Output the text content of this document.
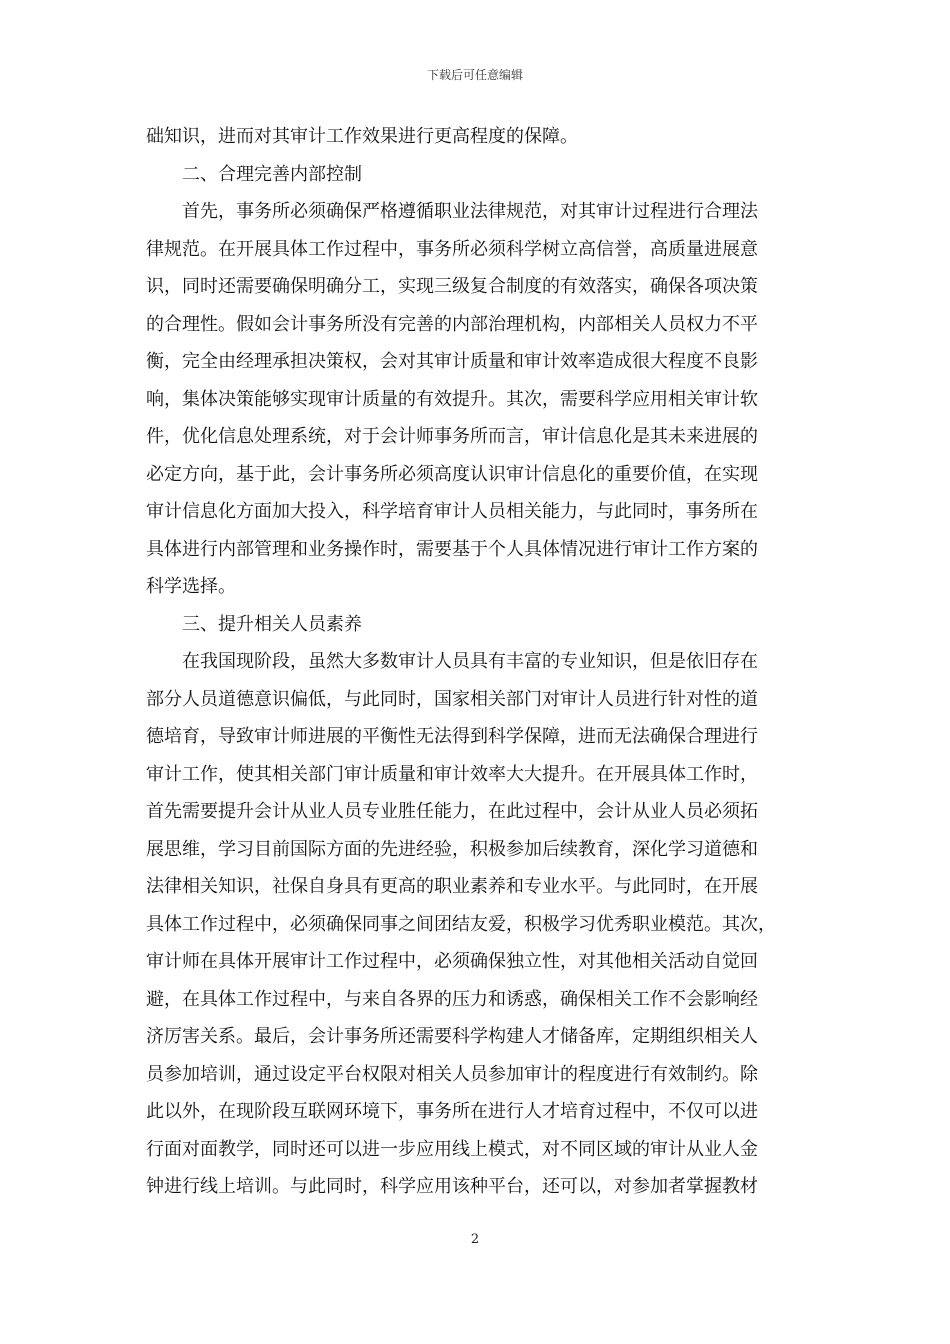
下载后可任意编辑
础知识，进而对其审计工作效果进行更高程度的保障。
二、合理完善内部控制
首先，事务所必须确保严格遵循职业法律规范，对其审计过程进行合理法
律规范。在开展具体工作过程中，事务所必须科学树立高信誉，高质量进展意
识，同时还需要确保明确分工，实现三级复合制度的有效落实，确保各项决策
的合理性。假如会计事务所没有完善的内部治理机构，内部相关人员权力不平
衡，完全由经理承担决策权，会对其审计质量和审计效率造成很大程度不良影
响，集体决策能够实现审计质量的有效提升。其次，需要科学应用相关审计软
件，优化信息处理系统，对于会计师事务所而言，审计信息化是其未来进展的
必定方向，基于此，会计事务所必须高度认识审计信息化的重要价值，在实现
审计信息化方面加大投入，科学培育审计人员相关能力，与此同时，事务所在
具体进行内部管理和业务操作时，需要基于个人具体情况进行审计工作方案的
科学选择。
三、提升相关人员素养
在我国现阶段，虽然大多数审计人员具有丰富的专业知识，但是依旧存在
部分人员道德意识偏低，与此同时，国家相关部门对审计人员进行针对性的道
德培育，导致审计师进展的平衡性无法得到科学保障，进而无法确保合理进行
审计工作，使其相关部门审计质量和审计效率大大提升。在开展具体工作时，
首先需要提升会计从业人员专业胜任能力，在此过程中，会计从业人员必须拓
展思维，学习目前国际方面的先进经验，积极参加后续教育，深化学习道德和
法律相关知识，社保自身具有更高的职业素养和专业水平。与此同时，在开展
具体工作过程中，必须确保同事之间团结友爱，积极学习优秀职业模范。其次，
审计师在具体开展审计工作过程中，必须确保独立性，对其他相关活动自觉回
避，在具体工作过程中，与来自各界的压力和诱惑，确保相关工作不会影响经
济厉害关系。最后，会计事务所还需要科学构建人才储备库，定期组织相关人
员参加培训，通过设定平台权限对相关人员参加审计的程度进行有效制约。除
此以外，在现阶段互联网环境下，事务所在进行人才培育过程中，不仅可以进
行面对面教学，同时还可以进一步应用线上模式，对不同区域的审计从业人金
钟进行线上培训。与此同时，科学应用该种平台，还可以，对参加者掌握教材
2
